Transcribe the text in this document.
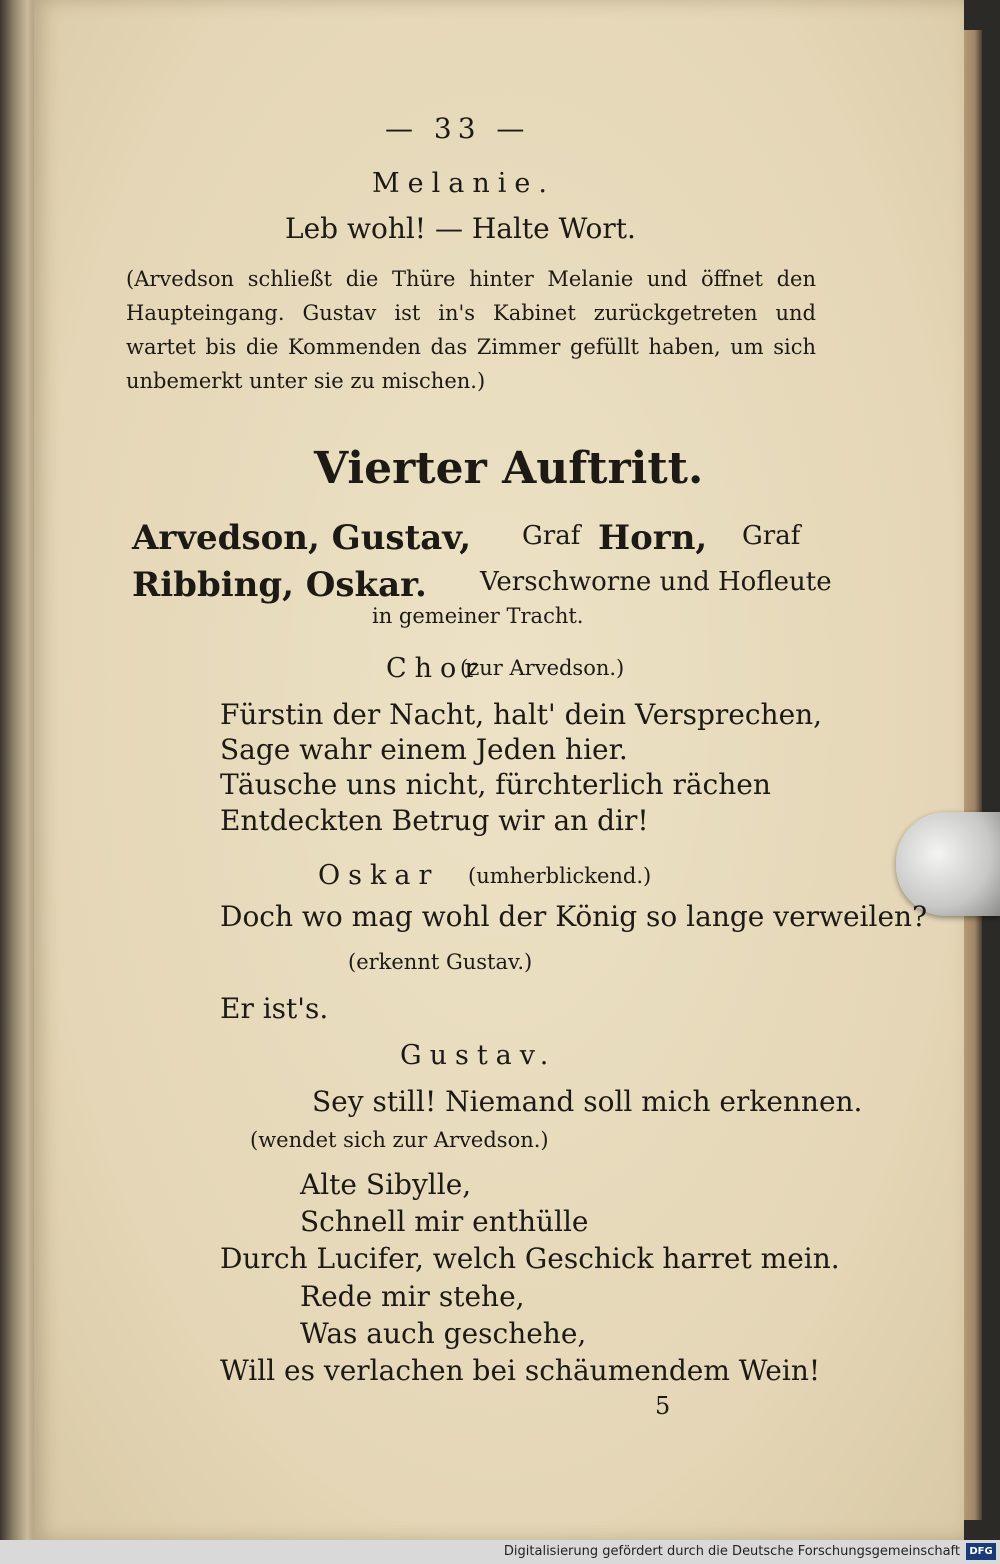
— 33 —
Melanie.
Leb wohl! — Halte Wort.
(Arvedson schließt die Thüre hinter Melanie und öffnet den Haupteingang. Gustav ist in's Kabinet zurückgetreten und wartet bis die Kommenden das Zimmer gefüllt haben, um sich unbemerkt unter sie zu mischen.)
Vierter Auftritt.
Arvedson, Gustav, Graf Horn, Graf
Ribbing, Oskar. Verschworne und Hofleute
in gemeiner Tracht.
Chor
(zur Arvedson.)
Fürstin der Nacht, halt' dein Versprechen,
Sage wahr einem Jeden hier.
Täusche uns nicht, fürchterlich rächen
Entdeckten Betrug wir an dir!
Oskar (umherblickend.)
Doch wo mag wohl der König so lange verweilen?
(erkennt Gustav.)
Er ist's.
Gustav.
Sey still! Niemand soll mich erkennen.
(wendet sich zur Arvedson.)
Alte Sibylle,
Schnell mir enthülle
Durch Lucifer, welch Geschick harret mein.
Rede mir stehe,
Was auch geschehe,
Will es verlachen bei schäumendem Wein!
5
Digitalisierung gefördert durch die Deutsche Forschungsgemeinschaft DFG
